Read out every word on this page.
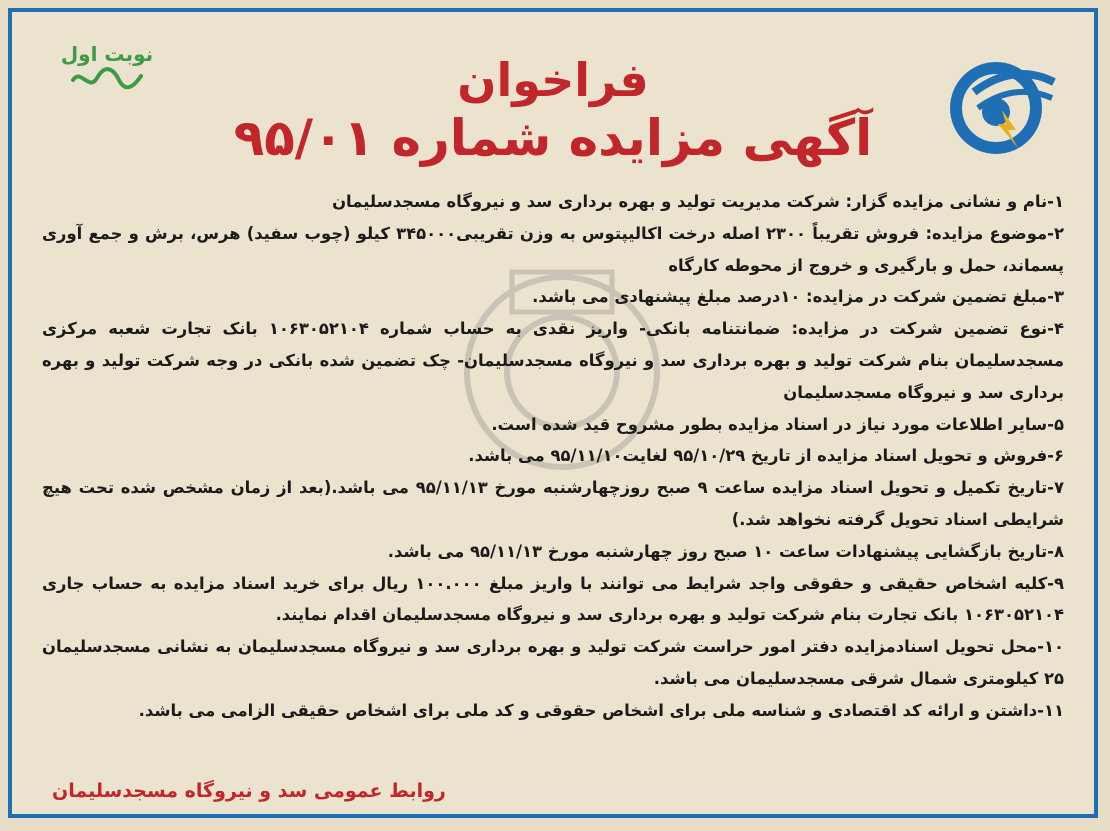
نوبت اول	فراخوان
آگهی مزایده شماره ۹۵/۰۱

۱-نام و نشانی مزایده گزار: شرکت مدیریت تولید و بهره برداری سد و نیروگاه مسجدسلیمان

۲-موضوع مزایده: فروش تقریباً ۲۳۰۰ اصله درخت اکالیپتوس به وزن تقریبی۳۴۵۰۰۰ کیلو (چوب سفید) هرس، برش و جمع آوری پسماند، حمل و بارگیری و خروج از محوطه کارگاه

۳-مبلغ تضمین شرکت در مزایده: ۱۰درصد مبلغ پیشنهادی می باشد.

۴-نوع تضمین شرکت در مزایده: ضمانتنامه بانکی- واریز نقدی به حساب شماره ۱۰۶۳۰۵۲۱۰۴ بانک تجارت شعبه مرکزی مسجدسلیمان بنام شرکت تولید و بهره برداری سد و نیروگاه مسجدسلیمان- چک تضمین شده بانکی در وجه شرکت تولید و بهره برداری سد و نیروگاه مسجدسلیمان

۵-سایر اطلاعات مورد نیاز در اسناد مزایده بطور مشروح قید شده است.

۶-فروش و تحویل اسناد مزایده از تاریخ ۹۵/۱۰/۲۹ لغایت۹۵/۱۱/۱۰ می باشد.

۷-تاریخ تکمیل و تحویل اسناد مزایده ساعت ۹ صبح روزچهارشنبه مورخ ۹۵/۱۱/۱۳ می باشد.(بعد از زمان مشخص شده تحت هیچ شرایطی اسناد تحویل گرفته نخواهد شد.)

۸-تاریخ بازگشایی پیشنهادات ساعت ۱۰ صبح روز چهارشنبه مورخ ۹۵/۱۱/۱۳ می باشد.

۹-کلیه اشخاص حقیقی و حقوقی واجد شرایط می توانند با واریز مبلغ ۱۰۰.۰۰۰ ریال برای خرید اسناد مزایده به حساب جاری ۱۰۶۳۰۵۲۱۰۴ بانک تجارت بنام شرکت تولید و بهره برداری سد و نیروگاه مسجدسلیمان اقدام نمایند.

۱۰-محل تحویل اسنادمزایده دفتر امور حراست شرکت تولید و بهره برداری سد و نیروگاه مسجدسلیمان به نشانی مسجدسلیمان ۲۵ کیلومتری شمال شرقی مسجدسلیمان می باشد.

۱۱-داشتن و ارائه کد اقتصادی و شناسه ملی برای اشخاص حقوقی و کد ملی برای اشخاص حقیقی الزامی می باشد.

روابط عمومی سد و نیروگاه مسجدسلیمان
